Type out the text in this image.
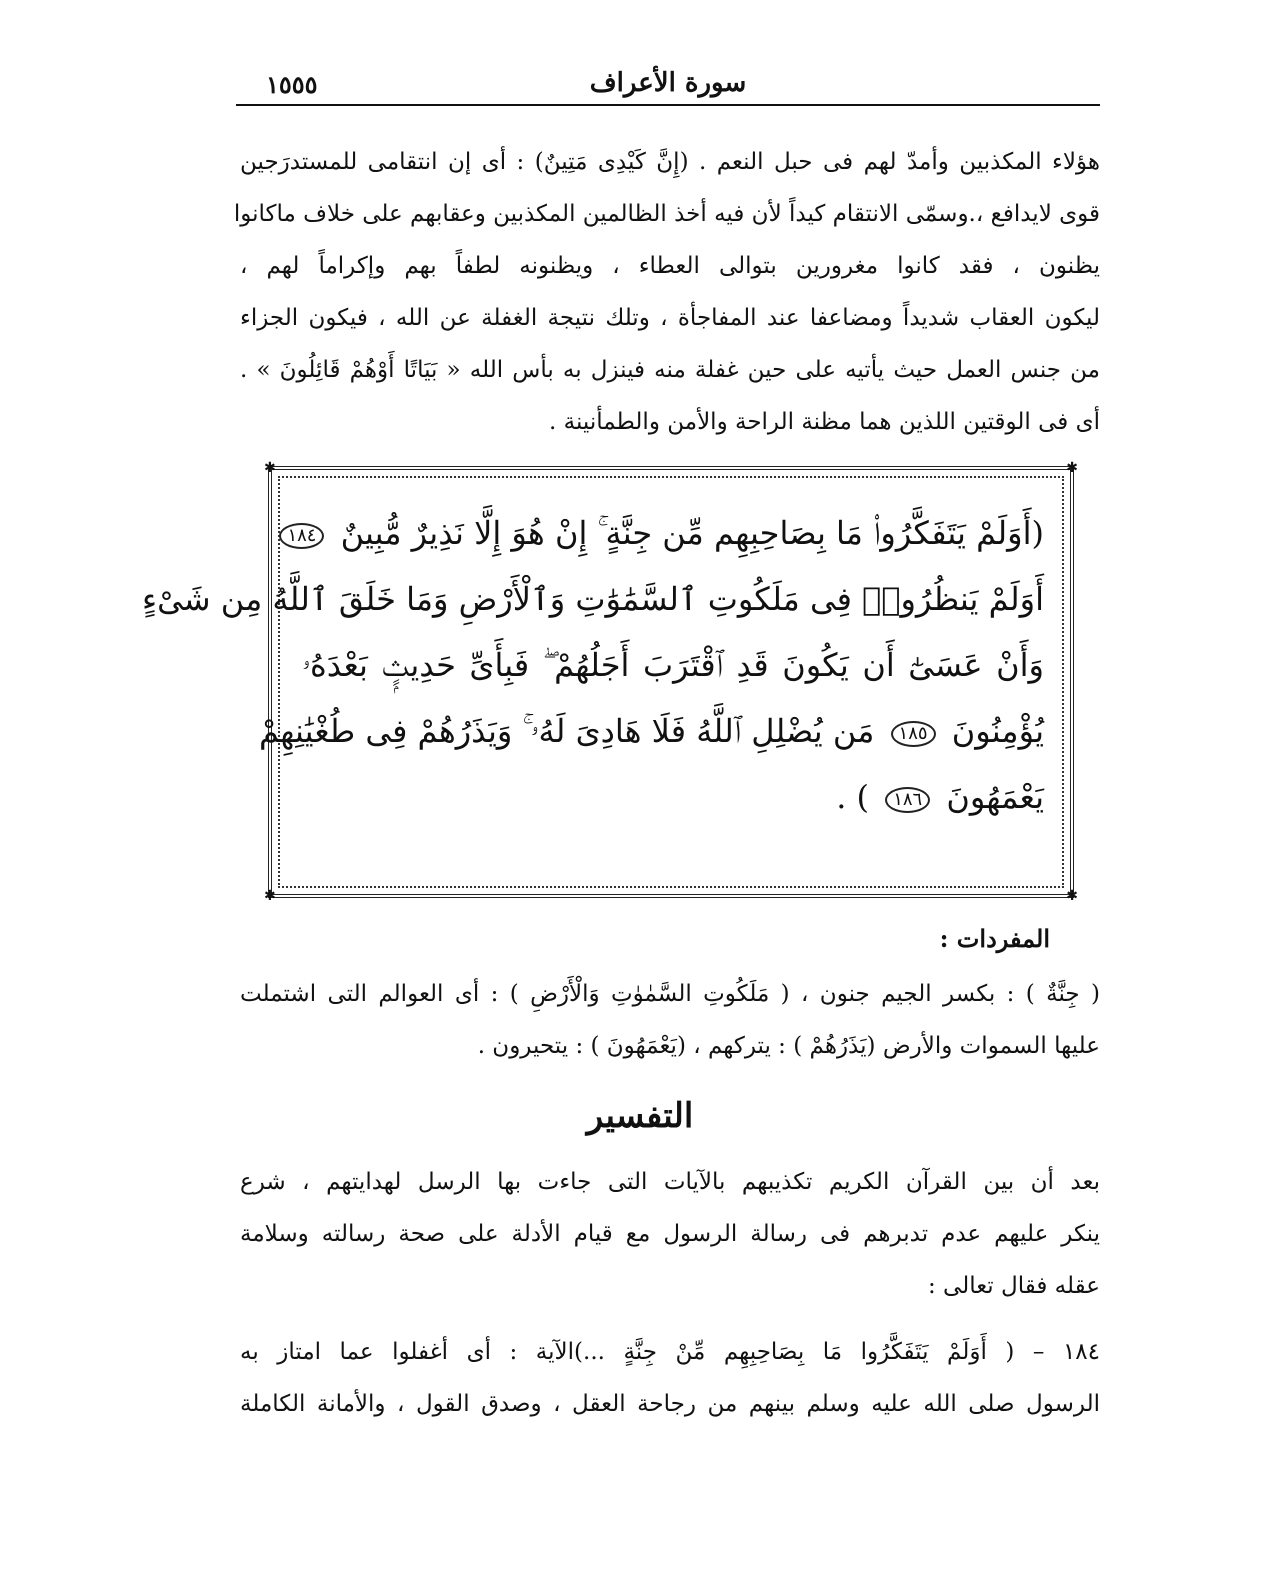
سورة الأعراف
١٥٥٥
هؤلاء المكذبين وأمدّ لهم فى حبل النعم . (إِنَّ كَيْدِى مَتِينٌ) : أى إن انتقامى للمستدرَجين
قوى لايدافع ،.وسمّى الانتقام كيداً لأن فيه أخذ الظالمين المكذبين وعقابهم على خلاف ماكانوا
يظنون ، فقد كانوا مغرورين بتوالى العطاء ، ويظنونه لطفاً بهم وإكراماً لهم ،
ليكون العقاب شديداً ومضاعفا عند المفاجأة ، وتلك نتيجة الغفلة عن الله ، فيكون الجزاء
من جنس العمل حيث يأتيه على حين غفلة منه فينزل به بأس الله « بَيَاتًا أَوْهُمْ قَائِلُونَ » .
أى فى الوقتين اللذين هما مظنة الراحة والأمن والطمأنينة .
✱	✱
✱	✱
(أَوَلَمْ يَتَفَكَّرُوا۟ مَا بِصَاحِبِهِم مِّن جِنَّةٍ ۚ إِنْ هُوَ إِلَّا نَذِيرٌ مُّبِينٌ ١٨٤
أَوَلَمْ يَنظُرُوا۟ فِى مَلَكُوتِ ٱلسَّمَٰوَٰتِ وَٱلْأَرْضِ وَمَا خَلَقَ ٱللَّهُ مِن شَىْءٍ
وَأَنْ عَسَىٰٓ أَن يَكُونَ قَدِ ٱقْتَرَبَ أَجَلُهُمْ ۖ فَبِأَىِّ حَدِيثٍۭ بَعْدَهُۥ
يُؤْمِنُونَ ١٨٥ مَن يُضْلِلِ ٱللَّهُ فَلَا هَادِىَ لَهُۥ ۚ وَيَذَرُهُمْ فِى طُغْيَٰنِهِمْ
يَعْمَهُونَ ١٨٦ ) .
المفردات :
( جِنَّةٌ ) : بكسر الجيم جنون ، ( مَلَكُوتِ السَّمٰوٰتِ وَالْأَرْضِ ) : أى العوالم التى اشتملت
عليها السموات والأرض (يَذَرُهُمْ ) : يتركهم ، (يَعْمَهُونَ ) : يتحيرون .
التفسير
بعد أن بين القرآن الكريم تكذيبهم بالآيات التى جاءت بها الرسل لهدايتهم ، شرع
ينكر عليهم عدم تدبرهم فى رسالة الرسول مع قيام الأدلة على صحة رسالته وسلامة
عقله فقال تعالى :
١٨٤ – ( أَوَلَمْ يَتَفَكَّرُوا مَا بِصَاحِبِهِم مِّنْ جِنَّةٍ ...)الآية : أى أغفلوا عما امتاز به
الرسول صلى الله عليه وسلم بينهم من رجاحة العقل ، وصدق القول ، والأمانة الكاملة
